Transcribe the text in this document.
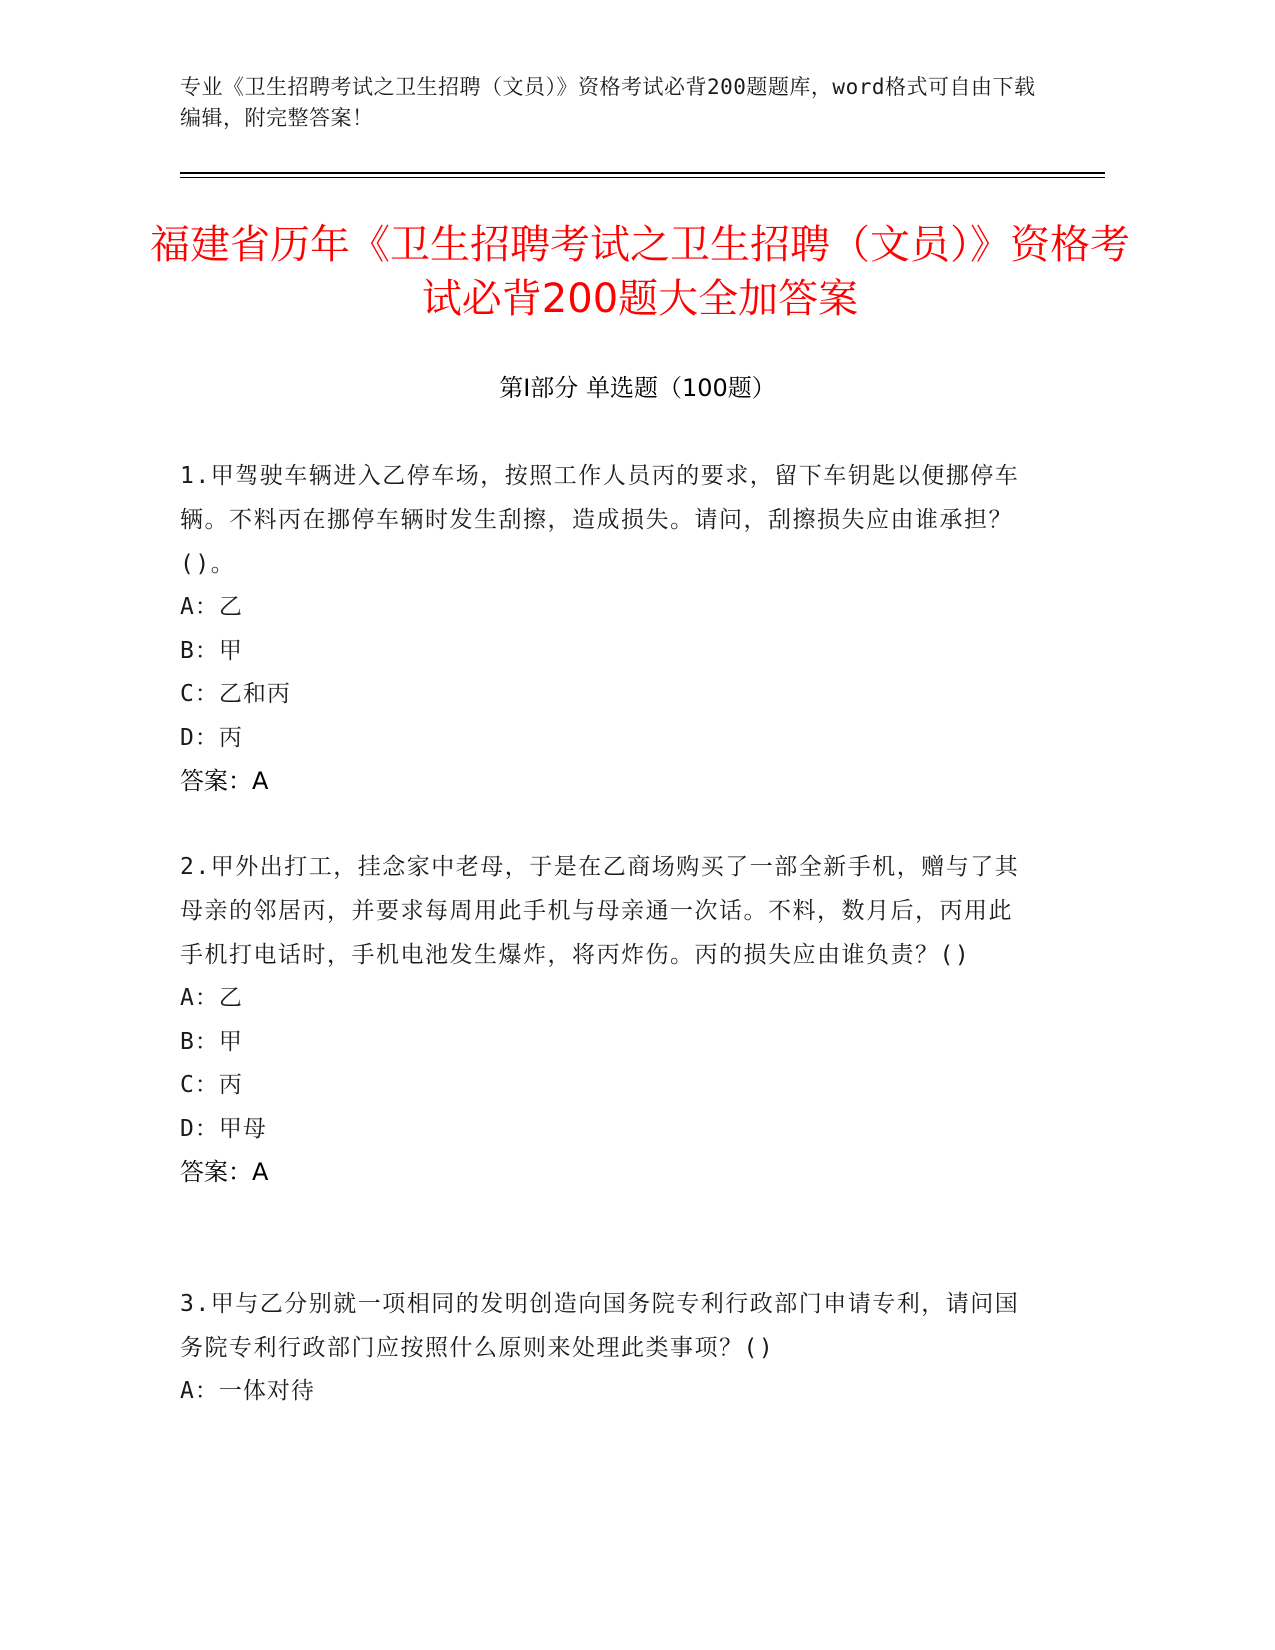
专业《卫生招聘考试之卫生招聘（文员）》资格考试必背200题题库，word格式可自由下载编辑，附完整答案！
福建省历年《卫生招聘考试之卫生招聘（文员）》资格考试必背200题大全加答案
第Ⅰ部分 单选题（100题）

1.甲驾驶车辆进入乙停车场，按照工作人员丙的要求，留下车钥匙以便挪停车辆。不料丙在挪停车辆时发生刮擦，造成损失。请问，刮擦损失应由谁承担？()。

A：乙

B：甲

C：乙和丙

D：丙

答案：A

2.甲外出打工，挂念家中老母，于是在乙商场购买了一部全新手机，赠与了其母亲的邻居丙，并要求每周用此手机与母亲通一次话。不料，数月后，丙用此手机打电话时，手机电池发生爆炸，将丙炸伤。丙的损失应由谁负责？()

A：乙

B：甲

C：丙

D：甲母

答案：A

3.甲与乙分别就一项相同的发明创造向国务院专利行政部门申请专利，请问国务院专利行政部门应按照什么原则来处理此类事项？()

A：一体对待
